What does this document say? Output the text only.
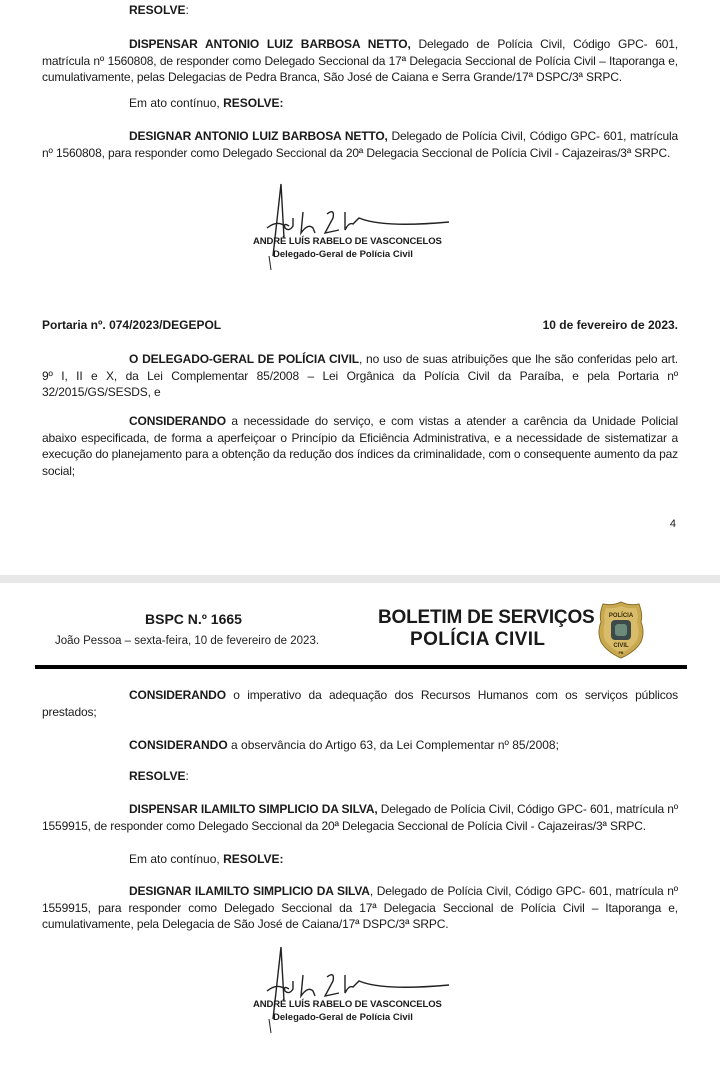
RESOLVE:

DISPENSAR ANTONIO LUIZ BARBOSA NETTO, Delegado de Polícia Civil, Código GPC- 601, matrícula nº 1560808, de responder como Delegado Seccional da 17ª Delegacia Seccional de Polícia Civil – Itaporanga e, cumulativamente, pelas Delegacias de Pedra Branca, São José de Caiana e Serra Grande/17ª DSPC/3ª SRPC.

Em ato contínuo, RESOLVE:

DESIGNAR ANTONIO LUIZ BARBOSA NETTO, Delegado de Polícia Civil, Código GPC- 601, matrícula nº 1560808, para responder como Delegado Seccional da 20ª Delegacia Seccional de Polícia Civil - Cajazeiras/3ª SRPC.

ANDRÉ LUÍS RABELO DE VASCONCELOS
Delegado-Geral de Polícia Civil
Portaria nº. 074/2023/DEGEPOL	10 de fevereiro de 2023.

O DELEGADO-GERAL DE POLÍCIA CIVIL, no uso de suas atribuições que lhe são conferidas pelo art. 9º I, II e X, da Lei Complementar 85/2008 – Lei Orgânica da Polícia Civil da Paraíba, e pela Portaria nº 32/2015/GS/SESDS, e

CONSIDERANDO a necessidade do serviço, e com vistas a atender a carência da Unidade Policial abaixo especificada, de forma a aperfeiçoar o Princípio da Eficiência Administrativa, e a necessidade de sistematizar a execução do planejamento para a obtenção da redução dos índices da criminalidade, com o consequente aumento da paz social;

4
BSPC N.º 1665
João Pessoa – sexta-feira, 10 de fevereiro de 2023.
BOLETIM DE SERVIÇOS
POLÍCIA CIVIL
POLÍCIA
CIVIL
PB

CONSIDERANDO o imperativo da adequação dos Recursos Humanos com os serviços públicos prestados;

CONSIDERANDO a observância do Artigo 63, da Lei Complementar nº 85/2008;
RESOLVE:

DISPENSAR ILAMILTO SIMPLICIO DA SILVA, Delegado de Polícia Civil, Código GPC- 601, matrícula nº 1559915, de responder como Delegado Seccional da 20ª Delegacia Seccional de Polícia Civil - Cajazeiras/3ª SRPC.

Em ato contínuo, RESOLVE:

DESIGNAR ILAMILTO SIMPLICIO DA SILVA, Delegado de Polícia Civil, Código GPC- 601, matrícula nº 1559915, para responder como Delegado Seccional da 17ª Delegacia Seccional de Polícia Civil – Itaporanga e, cumulativamente, pela Delegacia de São José de Caiana/17ª DSPC/3ª SRPC.

ANDRÉ LUÍS RABELO DE VASCONCELOS
Delegado-Geral de Polícia Civil
